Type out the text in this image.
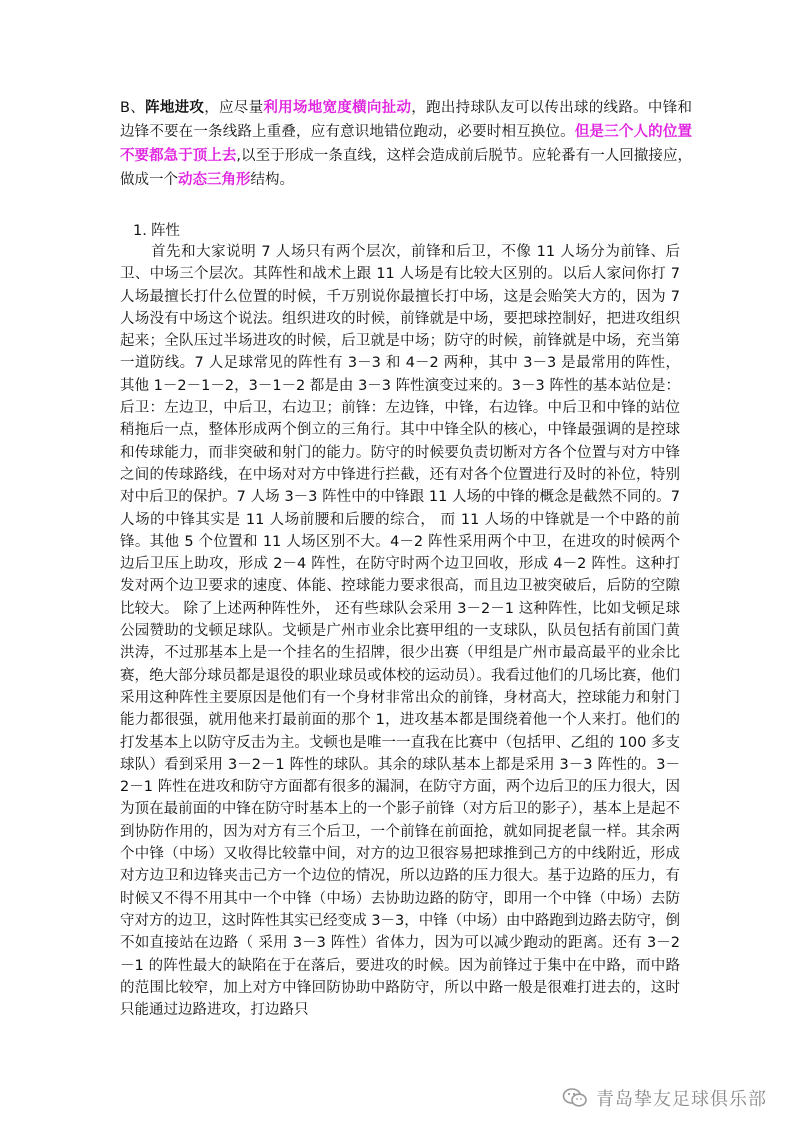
B、阵地进攻，应尽量利用场地宽度横向扯动，跑出持球队友可以传出球的线路。中锋和边锋不要在一条线路上重叠，应有意识地错位跑动，必要时相互换位。但是三个人的位置不要都急于顶上去,以至于形成一条直线，这样会造成前后脱节。应轮番有一人回撤接应，做成一个动态三角形结构。
1. 阵性

首先和大家说明 7 人场只有两个层次，前锋和后卫，不像 11 人场分为前锋、后卫、中场三个层次。其阵性和战术上跟 11 人场是有比较大区别的。以后人家问你打 7 人场最擅长打什么位置的时候，千万别说你最擅长打中场，这是会贻笑大方的，因为 7 人场没有中场这个说法。组织进攻的时候，前锋就是中场，要把球控制好，把进攻组织起来；全队压过半场进攻的时候，后卫就是中场；防守的时候，前锋就是中场，充当第一道防线。7 人足球常见的阵性有 3－3 和 4－2 两种，其中 3－3 是最常用的阵性，其他 1－2－1－2，3－1－2 都是由 3－3 阵性演变过来的。3－3 阵性的基本站位是：后卫：左边卫，中后卫，右边卫；前锋：左边锋，中锋，右边锋。中后卫和中锋的站位稍拖后一点，整体形成两个倒立的三角行。其中中锋全队的核心，中锋最强调的是控球和传球能力，而非突破和射门的能力。防守的时候要负责切断对方各个位置与对方中锋之间的传球路线，在中场对对方中锋进行拦截，还有对各个位置进行及时的补位，特别对中后卫的保护。7 人场 3－3 阵性中的中锋跟 11 人场的中锋的概念是截然不同的。7 人场的中锋其实是 11 人场前腰和后腰的综合， 而 11 人场的中锋就是一个中路的前锋。其他 5 个位置和 11 人场区别不大。4－2 阵性采用两个中卫，在进攻的时候两个边后卫压上助攻，形成 2－4 阵性，在防守时两个边卫回收，形成 4－2 阵性。这种打发对两个边卫要求的速度、体能、控球能力要求很高，而且边卫被突破后，后防的空隙比较大。 除了上述两种阵性外， 还有些球队会采用 3－2－1 这种阵性，比如戈顿足球公园赞助的戈顿足球队。戈顿是广州市业余比赛甲组的一支球队，队员包括有前国门黄洪涛，不过那基本上是一个挂名的生招牌，很少出赛（甲组是广州市最高最平的业余比赛，绝大部分球员都是退役的职业球员或体校的运动员）。我看过他们的几场比赛，他们采用这种阵性主要原因是他们有一个身材非常出众的前锋，身材高大，控球能力和射门能力都很强，就用他来打最前面的那个 1，进攻基本都是围绕着他一个人来打。他们的打发基本上以防守反击为主。戈顿也是唯一一直我在比赛中（包括甲、乙组的 100 多支球队）看到采用 3－2－1 阵性的球队。其余的球队基本上都是采用 3－3 阵性的。3－2－1 阵性在进攻和防守方面都有很多的漏洞，在防守方面，两个边后卫的压力很大，因为顶在最前面的中锋在防守时基本上的一个影子前锋（对方后卫的影子），基本上是起不到协防作用的，因为对方有三个后卫，一个前锋在前面抢，就如同捉老鼠一样。其余两个中锋（中场）又收得比较靠中间，对方的边卫很容易把球推到己方的中线附近，形成对方边卫和边锋夹击己方一个边位的情况，所以边路的压力很大。基于边路的压力，有时候又不得不用其中一个中锋（中场）去协助边路的防守，即用一个中锋（中场）去防守对方的边卫，这时阵性其实已经变成 3－3，中锋（中场）由中路跑到边路去防守，倒不如直接站在边路（ 采用 3－3 阵性）省体力，因为可以减少跑动的距离。还有 3－2－1 的阵性最大的缺陷在于在落后，要进攻的时候。因为前锋过于集中在中路，而中路的范围比较窄，加上对方中锋回防协助中路防守，所以中路一般是很难打进去的，这时只能通过边路进攻，打边路只

青岛挚友足球俱乐部
